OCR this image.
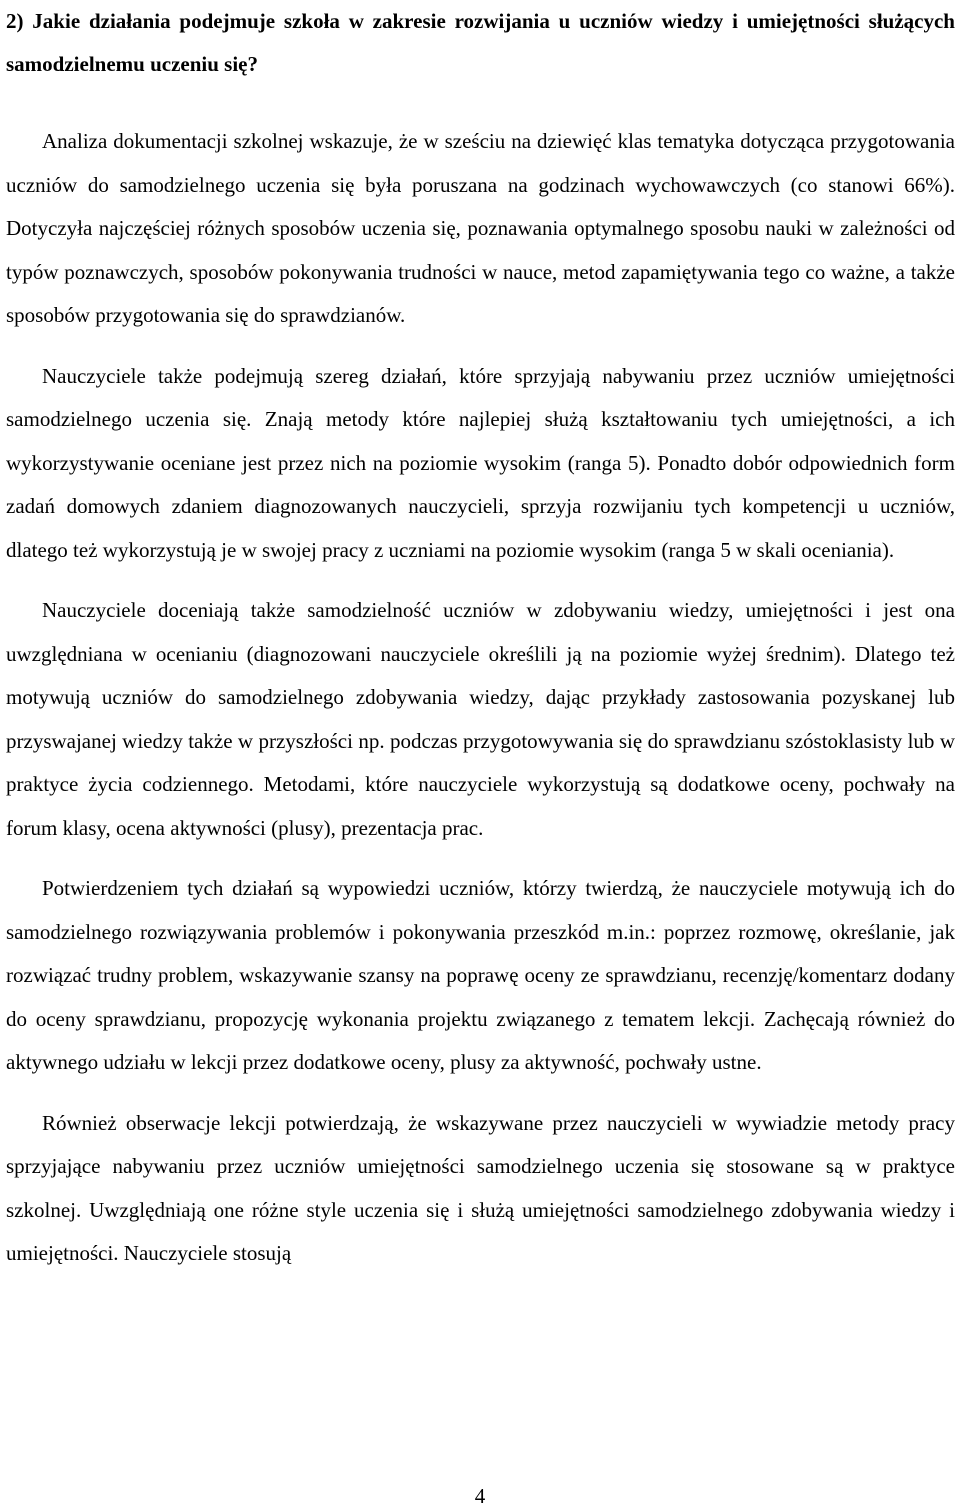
2) Jakie działania podejmuje szkoła w zakresie rozwijania u uczniów wiedzy i umiejętności służących samodzielnemu uczeniu się?

Analiza dokumentacji szkolnej wskazuje, że w sześciu na dziewięć klas tematyka dotycząca przygotowania uczniów do samodzielnego uczenia się była poruszana na godzinach wychowawczych (co stanowi 66%). Dotyczyła najczęściej różnych sposobów uczenia się, poznawania optymalnego sposobu nauki w zależności od typów poznawczych, sposobów pokonywania trudności w nauce, metod zapamiętywania tego co ważne, a także sposobów przygotowania się do sprawdzianów.

Nauczyciele także podejmują szereg działań, które sprzyjają nabywaniu przez uczniów umiejętności samodzielnego uczenia się. Znają metody które najlepiej służą kształtowaniu tych umiejętności, a ich wykorzystywanie oceniane jest przez nich na poziomie wysokim (ranga 5). Ponadto dobór odpowiednich form zadań domowych zdaniem diagnozowanych nauczycieli, sprzyja rozwijaniu tych kompetencji u uczniów, dlatego też wykorzystują je w swojej pracy z uczniami na poziomie wysokim (ranga 5 w skali oceniania).

Nauczyciele doceniają także samodzielność uczniów w zdobywaniu wiedzy, umiejętności i jest ona uwzględniana w ocenianiu (diagnozowani nauczyciele określili ją na poziomie wyżej średnim). Dlatego też motywują uczniów do samodzielnego zdobywania wiedzy, dając przykłady zastosowania pozyskanej lub przyswajanej wiedzy także w przyszłości np. podczas przygotowywania się do sprawdzianu szóstoklasisty lub w praktyce życia codziennego. Metodami, które nauczyciele wykorzystują są dodatkowe oceny, pochwały na forum klasy, ocena aktywności (plusy), prezentacja prac.

Potwierdzeniem tych działań są wypowiedzi uczniów, którzy twierdzą, że nauczyciele motywują ich do samodzielnego rozwiązywania problemów i pokonywania przeszkód m.in.: poprzez rozmowę, określanie, jak rozwiązać trudny problem, wskazywanie szansy na poprawę oceny ze sprawdzianu, recenzję/komentarz dodany do oceny sprawdzianu, propozycję wykonania projektu związanego z tematem lekcji. Zachęcają również do aktywnego udziału w lekcji przez dodatkowe oceny, plusy za aktywność, pochwały ustne.

Również obserwacje lekcji potwierdzają, że wskazywane przez nauczycieli w wywiadzie metody pracy sprzyjające nabywaniu przez uczniów umiejętności samodzielnego uczenia się stosowane są w praktyce szkolnej. Uwzględniają one różne style uczenia się i służą umiejętności samodzielnego zdobywania wiedzy i umiejętności. Nauczyciele stosują

4
